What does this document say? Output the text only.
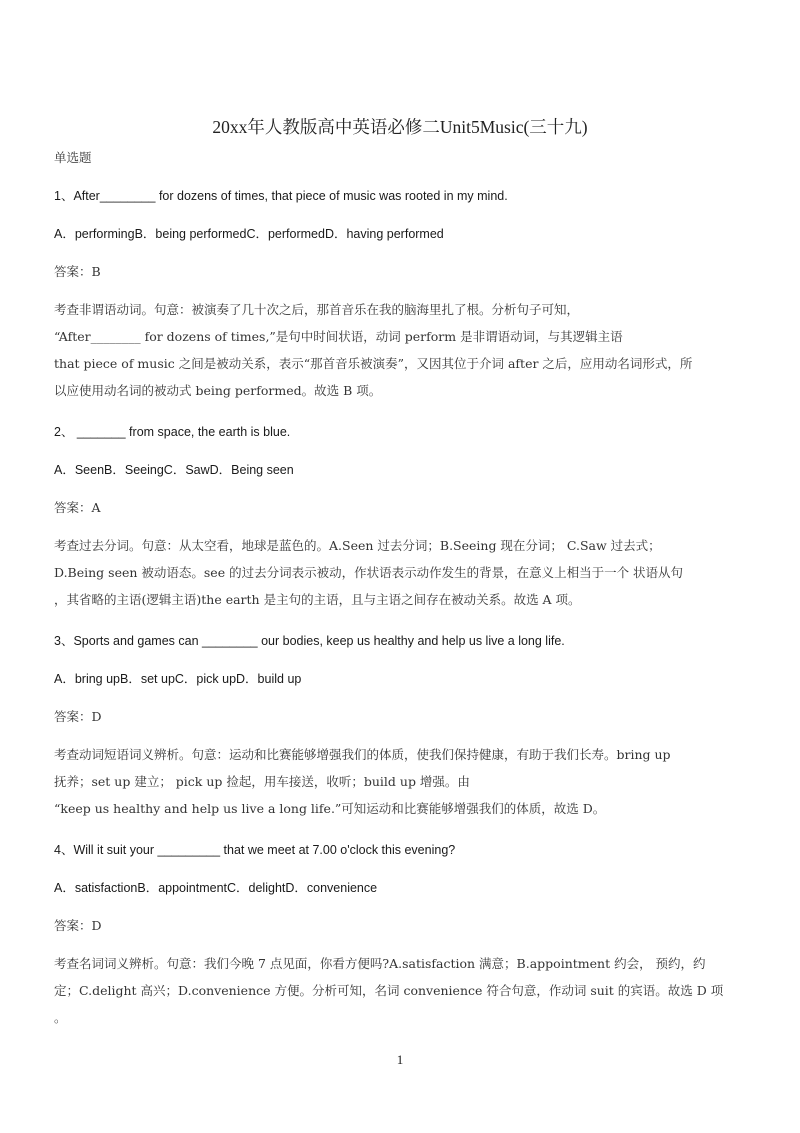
20xx年人教版高中英语必修二Unit5Music(三十九)
单选题
1、After________ for dozens of times, that piece of music was rooted in my mind.
A．performingB．being performedC．performedD．having performed
答案：B
考查非谓语动词。句意：被演奏了几十次之后，那首音乐在我的脑海里扎了根。分析句子可知，
“After________ for dozens of times,”是句中时间状语，动词 perform 是非谓语动词，与其逻辑主语
that piece of music 之间是被动关系，表示“那首音乐被演奏”，又因其位于介词 after 之后，应用动名词形式，所
以应使用动名词的被动式 being performed。故选 B 项。
2、 _______ from space, the earth is blue.
A．SeenB．SeeingC．SawD．Being seen
答案：A
考查过去分词。句意：从太空看，地球是蓝色的。A.Seen 过去分词；B.Seeing 现在分词； C.Saw 过去式；
D.Being seen 被动语态。see 的过去分词表示被动，作状语表示动作发生的背景，在意义上相当于一个 状语从句
，其省略的主语(逻辑主语)the earth 是主句的主语，且与主语之间存在被动关系。故选 A 项。
3、Sports and games can ________ our bodies, keep us healthy and help us live a long life.
A．bring upB．set upC．pick upD．build up
答案：D
考查动词短语词义辨析。句意：运动和比赛能够增强我们的体质，使我们保持健康，有助于我们长寿。bring up
抚养；set up 建立； pick up 捡起，用车接送，收听；build up 增强。由
“keep us healthy and help us live a long life.”可知运动和比赛能够增强我们的体质，故选 D。
4、Will it suit your _________ that we meet at 7.00 o'clock this evening?
A．satisfactionB．appointmentC．delightD．convenience
答案：D
考查名词词义辨析。句意：我们今晚 7 点见面，你看方便吗?A.satisfaction 满意；B.appointment 约会， 预约，约
定；C.delight 高兴；D.convenience 方便。分析可知，名词 convenience 符合句意，作动词 suit 的宾语。故选 D 项
。
1
